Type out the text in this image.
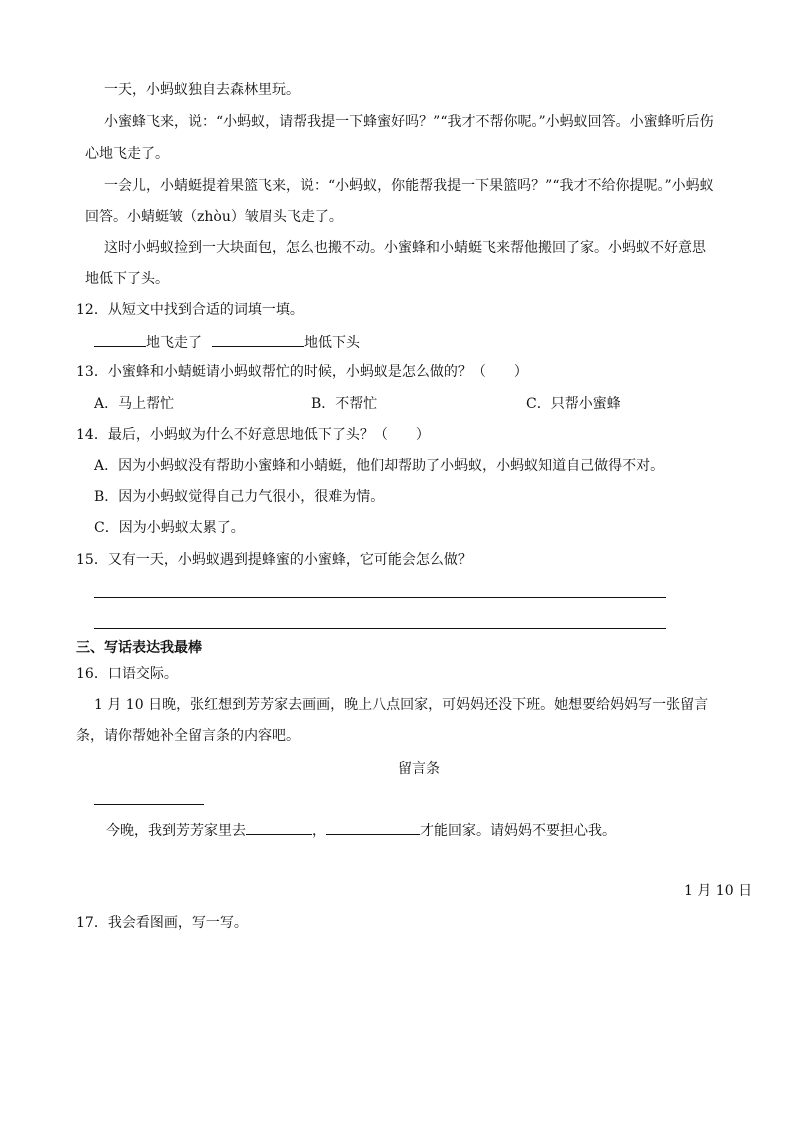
一天，小蚂蚁独自去森林里玩。
小蜜蜂飞来，说：“小蚂蚁，请帮我提一下蜂蜜好吗？”“我才不帮你呢。”小蚂蚁回答。小蜜蜂听后伤
心地飞走了。
一会儿，小蜻蜓提着果篮飞来，说：“小蚂蚁，你能帮我提一下果篮吗？”“我才不给你提呢。”小蚂蚁
回答。小蜻蜓皱（zhòu）皱眉头飞走了。
这时小蚂蚁捡到一大块面包，怎么也搬不动。小蜜蜂和小蜻蜓飞来帮他搬回了家。小蚂蚁不好意思
地低下了头。
12．从短文中找到合适的词填一填。
地飞走了	地低下头
13．小蜜蜂和小蜻蜓请小蚂蚁帮忙的时候，小蚂蚁是怎么做的？（　　）
A．马上帮忙	B．不帮忙	C．只帮小蜜蜂
14．最后，小蚂蚁为什么不好意思地低下了头？（　　）
A．因为小蚂蚁没有帮助小蜜蜂和小蜻蜓，他们却帮助了小蚂蚁，小蚂蚁知道自己做得不对。
B．因为小蚂蚁觉得自己力气很小，很难为情。
C．因为小蚂蚁太累了。
15．又有一天，小蚂蚁遇到提蜂蜜的小蜜蜂，它可能会怎么做？
三、写话表达我最棒
16．口语交际。
1 月 10 日晚，张红想到芳芳家去画画，晚上八点回家，可妈妈还没下班。她想要给妈妈写一张留言
条，请你帮她补全留言条的内容吧。
留言条
今晚，我到芳芳家里去	，	才能回家。请妈妈不要担心我。
1 月 10 日
17．我会看图画，写一写。
